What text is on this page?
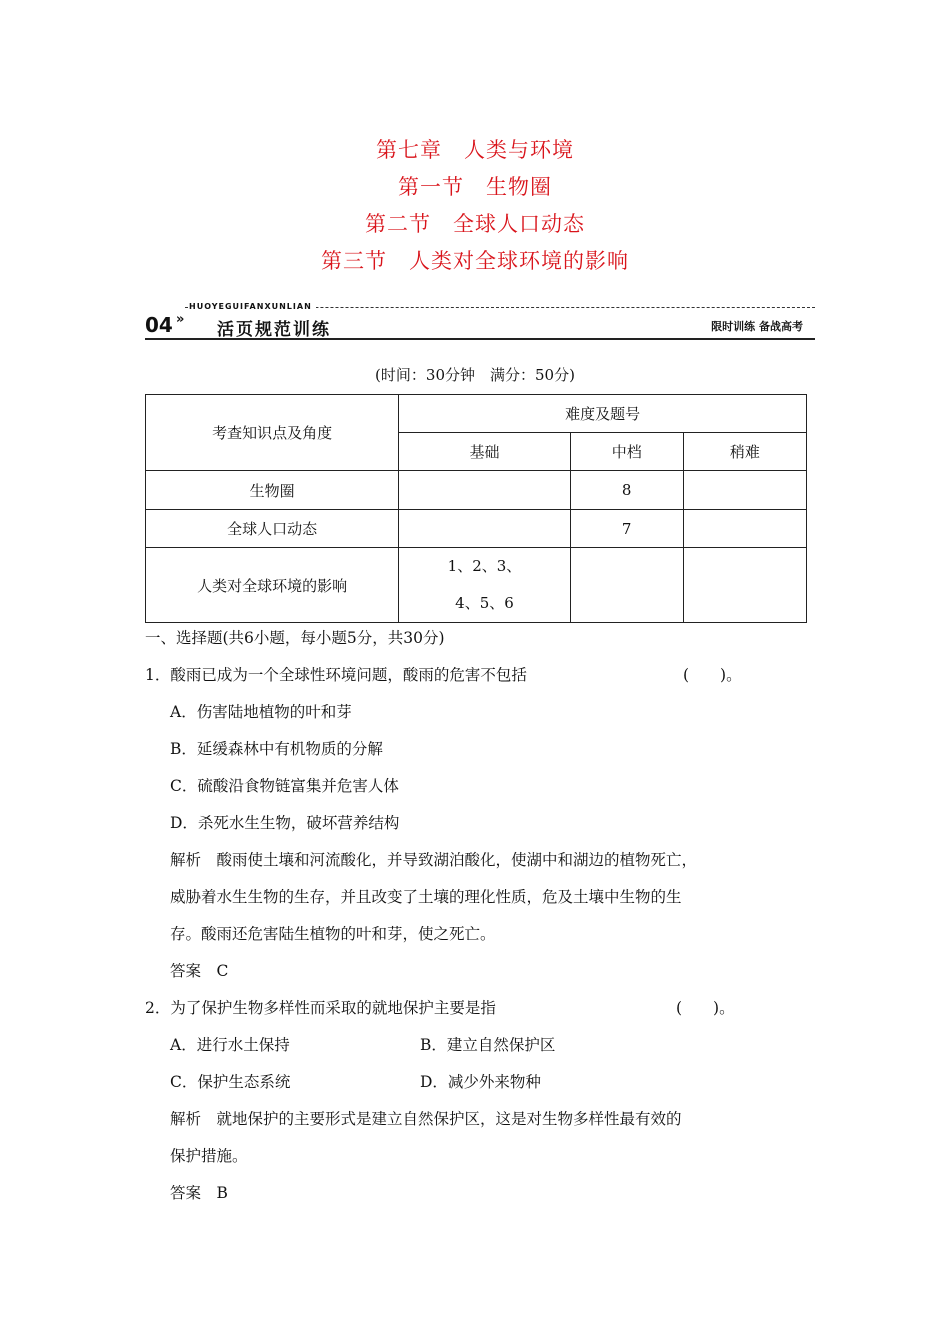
第七章　人类与环境
第一节　生物圈
第二节　全球人口动态
第三节　人类对全球环境的影响
HUOYEGUIFANXUNLIAN
04 »
活页规范训练	限时训练 备战高考
(时间：30分钟　满分：50分)
考查知识点及角度	难度及题号		
	基础	中档	稍难
生物圈		8	
全球人口动态		7	
人类对全球环境的影响	1、2、3、
4、5、6		

一、选择题(共6小题，每小题5分，共30分)
1．酸雨已成为一个全球性环境问题，酸雨的危害不包括	(　　)。
A．伤害陆地植物的叶和芽
B．延缓森林中有机物质的分解
C．硫酸沿食物链富集并危害人体
D．杀死水生生物，破坏营养结构
解析　酸雨使土壤和河流酸化，并导致湖泊酸化，使湖中和湖边的植物死亡，
威胁着水生生物的生存，并且改变了土壤的理化性质，危及土壤中生物的生
存。酸雨还危害陆生植物的叶和芽，使之死亡。
答案　C
2．为了保护生物多样性而采取的就地保护主要是指	(　　)。
A．进行水土保持	B．建立自然保护区
C．保护生态系统	D．减少外来物种
解析　就地保护的主要形式是建立自然保护区，这是对生物多样性最有效的
保护措施。
答案　B
